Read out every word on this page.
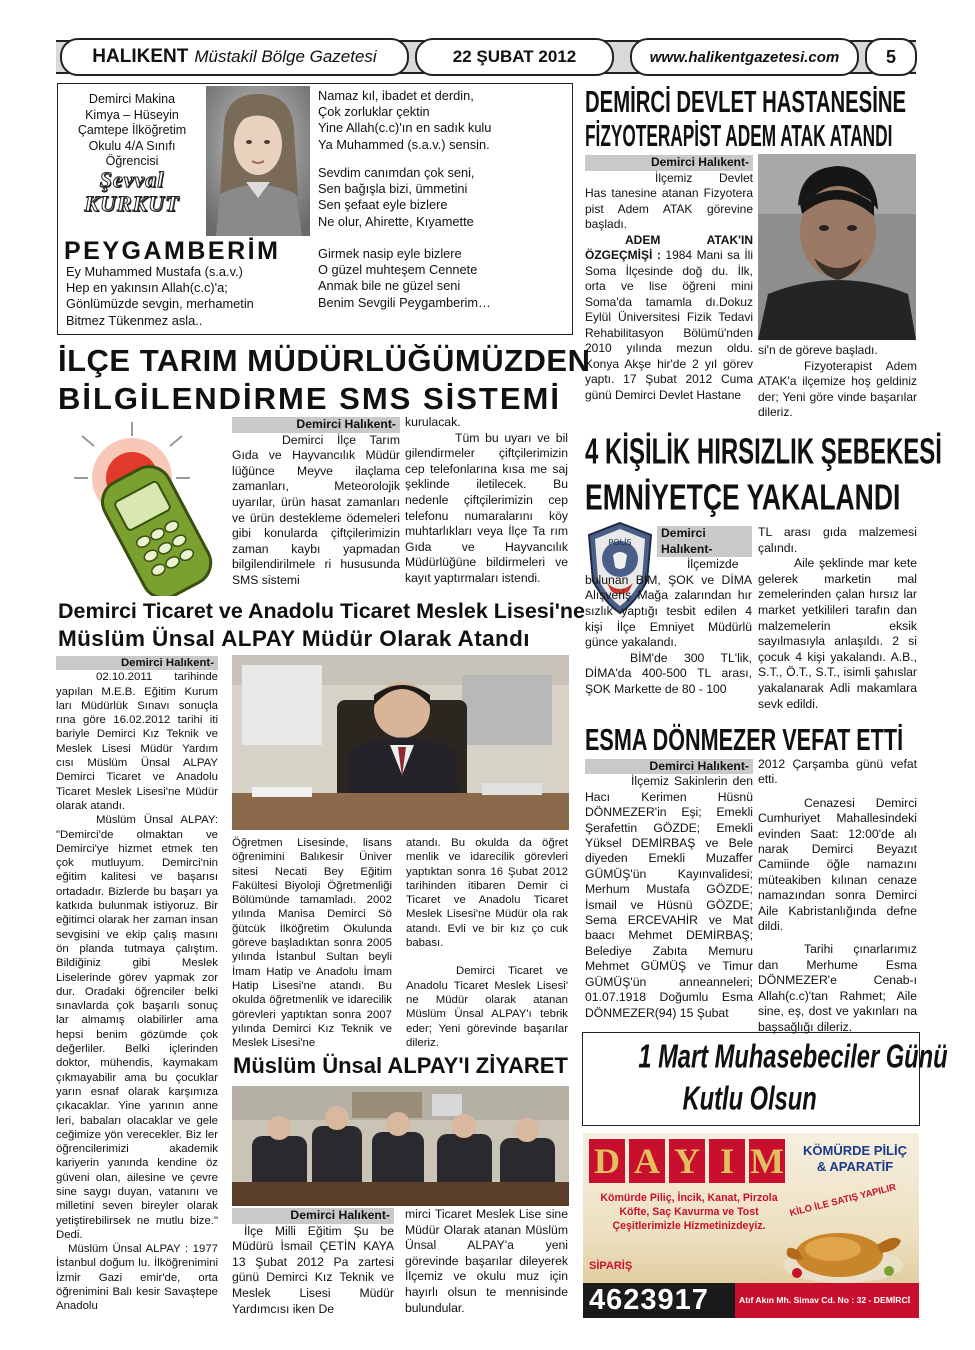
HALIKENT Müstakil Bölge Gazetesi	22 ŞUBAT 2012	www.halikentgazetesi.com	5
Demirci Makina
Kimya – Hüseyin
Çamtepe İlköğretim
Okulu 4/A Sınıfı
Öğrencisi
Şevval
KURKUT
PEYGAMBERİM
Ey Muhammed Mustafa (s.a.v.)
Hep en yakınsın Allah(c.c)'a;
Gönlümüzde sevgin, merhametin
Bitmez Tükenmez asla..
Namaz kıl, ibadet et derdin,
Çok zorluklar çektin
Yine Allah(c.c)'ın en sadık kulu
Ya Muhammed (s.a.v.) sensin.
Sevdim canımdan çok seni,
Sen bağışla bizi, ümmetini
Sen şefaat eyle bizlere
Ne olur, Ahirette, Kıyamette
Girmek nasip eyle bizlere
O güzel muhteşem Cennete
Anmak bile ne güzel seni
Benim Sevgili Peygamberim…
İLÇE TARIM MÜDÜRLÜĞÜMÜZDEN
BİLGİLENDİRME SMS SİSTEMİ
Demirci Halıkent-

Demirci İlçe Tarım Gıda ve Hayvancılık Müdür lüğünce Meyve ilaçlama zamanları, Meteorolojik uyarılar, ürün hasat zamanları ve ürün destekleme ödemeleri gibi konularda çiftçilerimizin zaman kaybı yapmadan bilgilendirilmele ri hususunda SMS sistemi

kurulacak.

Tüm bu uyarı ve bil gilendirmeler çiftçilerimizin cep telefonlarına kısa me saj şeklinde iletilecek. Bu nedenle çiftçilerimizin cep telefonu numaralarını köy muhtarlıkları veya İlçe Ta rım Gıda ve Hayvancılık Müdürlüğüne bildirmeleri ve kayıt yaptırmaları istendi.

Demirci Ticaret ve Anadolu Ticaret Meslek Lisesi'ne
Müslüm Ünsal ALPAY Müdür Olarak Atandı
Demirci Halıkent-

02.10.2011 tarihinde yapılan M.E.B. Eğitim Kurum ları Müdürlük Sınavı sonuçla rına göre 16.02.2012 tarihi iti bariyle Demirci Kız Teknik ve Meslek Lisesi Müdür Yardım cısı Müslüm Ünsal ALPAY Demirci Ticaret ve Anadolu Ticaret Meslek Lisesi'ne Müdür olarak atandı.

Müslüm Ünsal ALPAY: "Demirci'de olmaktan ve Demirci'ye hizmet etmek ten çok mutluyum. Demirci'nin eğitim kalitesi ve başarısı ortadadır. Bizlerde bu başarı ya katkıda bulunmak istiyoruz. Bir eğitimci olarak her zaman insan sevgisini ve ekip çalış masını ön planda tutmaya çalıştım. Bildiğiniz gibi Meslek Liselerinde görev yapmak zor dur. Oradaki öğrenciler belki sınavlarda çok başarılı sonuç lar almamış olabilirler ama hepsi benim gözümde çok değerliler. Belki içlerinden doktor, mühendis, kaymakam çıkmayabilir ama bu çocuklar yarın esnaf olarak karşımıza çıkacaklar. Yine yarının anne leri, babaları olacaklar ve gele ceğimize yön verecekler. Biz ler öğrencilerimizi akademik kariyerin yanında kendine öz güveni olan, ailesine ve çevre sine saygı duyan, vatanını ve milletini seven bireyler olarak yetiştirebilirsek ne mutlu bize." Dedi.

Müslüm Ünsal ALPAY : 1977 İstanbul doğum lu. İlköğrenimini İzmir Gazi emir'de, orta öğrenimini Balı kesir Savaştepe Anadolu

Öğretmen Lisesinde, lisans öğrenimini Balıkesir Üniver sitesi Necati Bey Eğitim Fakültesi Biyoloji Öğretmenliği Bölümünde tamamladı. 2002 yılında Manisa Demirci Sö ğütcük İlköğretim Okulunda göreve başladıktan sonra 2005 yılında İstanbul Sultan beyli İmam Hatip ve Anadolu İmam Hatip Lisesi'ne atandı. Bu okulda öğretmenlik ve idarecilik görevleri yaptıktan sonra 2007 yılında Demirci Kız Teknik ve Meslek Lisesi'ne

atandı. Bu okulda da öğret menlik ve idarecilik görevleri yaptıktan sonra 16 Şubat 2012 tarihinden itibaren Demir ci Ticaret ve Anadolu Ticaret Meslek Lisesi'ne Müdür ola rak atandı. Evli ve bir kız ço cuk babası.

Demirci Ticaret ve Anadolu Ticaret Meslek Lisesi' ne Müdür olarak atanan Müslüm Ünsal ALPAY'ı tebrik eder; Yeni görevinde başarılar dileriz.

Müslüm Ünsal ALPAY'I ZİYARET
Demirci Halıkent-

İlçe Milli Eğitim Şu be Müdürü İsmail ÇETİN KAYA 13 Şubat 2012 Pa zartesi günü Demirci Kız Teknik ve Meslek Lisesi Müdür Yardımcısı iken De

mirci Ticaret Meslek Lise sine Müdür Olarak atanan Müslüm Ünsal ALPAY'a yeni görevinde başarılar dileyerek İlçemiz ve okulu muz için hayırlı olsun te mennisinde bulundular.

DEMİRCİ DEVLET HASTANESİNE
FİZYOTERAPİST ADEM ATAK ATANDI
Demirci Halıkent-

İlçemiz Devlet Has tanesine atanan Fizyotera pist Adem ATAK görevine başladı.

ADEM ATAK'IN ÖZGEÇMİŞİ : 1984 Mani sa İli Soma İlçesinde doğ du. İlk, orta ve lise öğreni mini Soma'da tamamla dı.Dokuz Eylül Üniversitesi Fizik Tedavi Rehabilitasyon Bölümü'nden 2010 yılında mezun oldu. Konya Akşe hir'de 2 yıl görev yaptı. 17 Şubat 2012 Cuma günü Demirci Devlet Hastane

si'n de göreve başladı.

Fizyoterapist Adem ATAK'a ilçemize hoş geldiniz der; Yeni göre vinde başarılar dileriz.

4 KİŞİLİK HIRSIZLIK ŞEBEKESİ
EMNİYETÇE YAKALANDI
POLİS
Demirci Halıkent-

İlçemizde bulunan BİM, ŞOK ve DİMA Alışveriş Mağa zalarından hır sızlık yaptığı tesbit edilen 4 kişi İlçe Emniyet Müdürlü günce yakalandı.

BİM'de 300 TL'lik, DİMA'da 400-500 TL arası, ŞOK Markette de 80 - 100

TL arası gıda malzemesi çalındı.

Aile şeklinde mar kete gelerek marketin mal zemelerinden çalan hırsız lar market yetkilileri tarafın dan malzemelerin eksik sayılmasıyla anlaşıldı. 2 si çocuk 4 kişi yakalandı. A.B., S.T., Ö.T., S.T., isimli şahıslar yakalanarak Adli makamlara sevk edildi.

ESMA DÖNMEZER VEFAT ETTİ
Demirci Halıkent-

İlçemiz Sakinlerin den Hacı Kerimen Hüsnü DÖNMEZER'in Eşi; Emekli Şerafettin GÖZDE; Emekli Yüksel DEMİRBAŞ ve Bele diyeden Emekli Muzaffer GÜMÜŞ'ün Kayınvalidesi; Merhum Mustafa GÖZDE; İsmail ve Hüsnü GÖZDE; Sema ERCEVAHİR ve Mat baacı Mehmet DEMİRBAŞ; Belediye Zabıta Memuru Mehmet GÜMÜŞ ve Timur GÜMÜŞ'ün anneanneleri; 01.07.1918 Doğumlu Esma DÖNMEZER(94) 15 Şubat

2012 Çarşamba günü vefat etti.

Cenazesi Demirci Cumhuriyet Mahallesindeki evinden Saat: 12:00'de alı narak Demirci Beyazıt Camiinde öğle namazını müteakiben kılınan cenaze namazından sonra Demirci Aile Kabristanlığında defne dildi.

Tarihi çınarlarımız dan Merhume Esma DÖNMEZER'e Cenab-ı Allah(c.c)'tan Rahmet; Aile sine, eş, dost ve yakınları na başsağlığı dileriz.

1 Mart Muhasebeciler Günü
Kutlu Olsun
D A Y I M	KÖMÜRDE PİLİÇ
& APARATİF
Kömürde Piliç, İncik, Kanat, Pirzola
Köfte, Saç Kavurma ve Tost
Çeşitlerimizle Hizmetinizdeyiz.
KİLO İLE SATIŞ YAPILIR
SİPARİŞ
4623917	Atıf Akın Mh. Simav Cd. No : 32 - DEMİRCİ
